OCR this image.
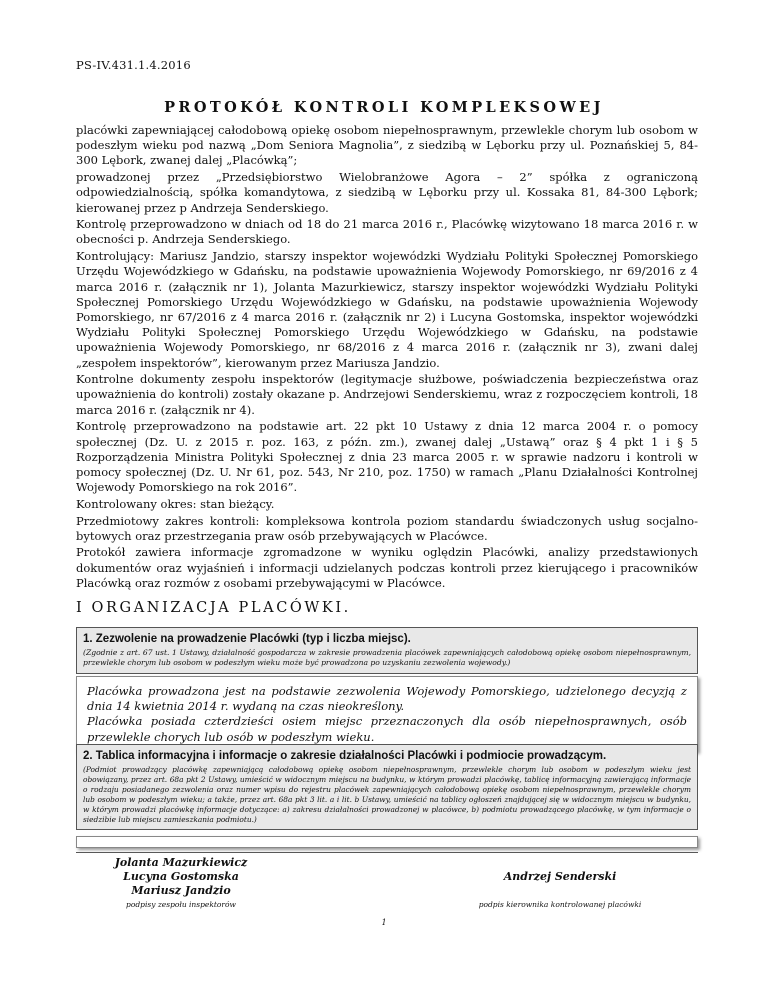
PS-IV.431.1.4.2016
PROTOKÓŁ KONTROLI KOMPLEKSOWEJ

placówki zapewniającej całodobową opiekę osobom niepełnosprawnym, przewlekle chorym lub osobom w podeszłym wieku pod nazwą „Dom Seniora Magnolia”, z siedzibą w Lęborku przy ul. Poznańskiej 5, 84-300 Lębork, zwanej dalej „Placówką”;

prowadzonej przez „Przedsiębiorstwo Wielobranżowe Agora – 2” spółka z ograniczoną odpowiedzialnością, spółka komandytowa, z siedzibą w Lęborku przy ul. Kossaka 81, 84-300 Lębork; kierowanej przez p Andrzeja Senderskiego.

Kontrolę przeprowadzono w dniach od 18 do 21 marca 2016 r., Placówkę wizytowano 18 marca 2016 r. w obecności p. Andrzeja Senderskiego.

Kontrolujący: Mariusz Jandzio, starszy inspektor wojewódzki Wydziału Polityki Społecznej Pomorskiego Urzędu Wojewódzkiego w Gdańsku, na podstawie upoważnienia Wojewody Pomorskiego, nr 69/2016 z 4 marca 2016 r. (załącznik nr 1), Jolanta Mazurkiewicz, starszy inspektor wojewódzki Wydziału Polityki Społecznej Pomorskiego Urzędu Wojewódzkiego w Gdańsku, na podstawie upoważnienia Wojewody Pomorskiego, nr 67/2016 z 4 marca 2016 r. (załącznik nr 2) i Lucyna Gostomska, inspektor wojewódzki Wydziału Polityki Społecznej Pomorskiego Urzędu Wojewódzkiego w Gdańsku, na podstawie upoważnienia Wojewody Pomorskiego, nr 68/2016 z 4 marca 2016 r. (załącznik nr 3), zwani dalej „zespołem inspektorów”, kierowanym przez Mariusza Jandzio.

Kontrolne dokumenty zespołu inspektorów (legitymacje służbowe, poświadczenia bezpieczeństwa oraz upoważnienia do kontroli) zostały okazane p. Andrzejowi Senderskiemu, wraz z rozpoczęciem kontroli, 18 marca 2016 r. (załącznik nr 4).

Kontrolę przeprowadzono na podstawie art. 22 pkt 10 Ustawy z dnia 12 marca 2004 r. o pomocy społecznej (Dz. U. z 2015 r. poz. 163, z późn. zm.), zwanej dalej „Ustawą” oraz § 4 pkt 1 i § 5 Rozporządzenia Ministra Polityki Społecznej z dnia 23 marca 2005 r. w sprawie nadzoru i kontroli w pomocy społecznej (Dz. U. Nr 61, poz. 543, Nr 210, poz. 1750) w ramach „Planu Działalności Kontrolnej Wojewody Pomorskiego na rok 2016”.

Kontrolowany okres: stan bieżący.

Przedmiotowy zakres kontroli: kompleksowa kontrola poziom standardu świadczonych usług socjalno-bytowych oraz przestrzegania praw osób przebywających w Placówce.

Protokół zawiera informacje zgromadzone w wyniku oględzin Placówki, analizy przedstawionych dokumentów oraz wyjaśnień i informacji udzielanych podczas kontroli przez kierującego i pracowników Placówką oraz rozmów z osobami przebywającymi w Placówce.

I ORGANIZACJA PLACÓWKI.
1. Zezwolenie na prowadzenie Placówki (typ i liczba miejsc).
(Zgodnie z art. 67 ust. 1 Ustawy, działalność gospodarcza w zakresie prowadzenia placówek zapewniających całodobową opiekę osobom niepełnosprawnym, przewlekle chorym lub osobom w podeszłym wieku może być prowadzona po uzyskaniu zezwolenia wojewody.)
Placówka prowadzona jest na podstawie zezwolenia Wojewody Pomorskiego, udzielonego decyzją z dnia 14 kwietnia 2014 r. wydaną na czas nieokreślony.
Placówka posiada czterdzieści osiem miejsc przeznaczonych dla osób niepełnosprawnych, osób przewlekle chorych lub osób w podeszłym wieku.
2. Tablica informacyjna i informacje o zakresie działalności Placówki i podmiocie prowadzącym.
(Podmiot prowadzący placówkę zapewniającą całodobową opiekę osobom niepełnosprawnym, przewlekle chorym lub osobom w podeszłym wieku jest obowiązany, przez art. 68a pkt 2 Ustawy, umieścić w widocznym miejscu na budynku, w którym prowadzi placówkę, tablicę informacyjną zawierającą informacje o rodzaju posiadanego zezwolenia oraz numer wpisu do rejestru placówek zapewniających całodobową opiekę osobom niepełnosprawnym, przewlekle chorym lub osobom w podeszłym wieku; a także, przez art. 68a pkt 3 lit. a i lit. b Ustawy, umieścić na tablicy ogłoszeń znajdującej się w widocznym miejscu w budynku, w którym prowadzi placówkę informacje dotyczące: a) zakresu działalności prowadzonej w placówce, b) podmiotu prowadzącego placówkę, w tym informacje o siedzibie lub miejscu zamieszkania podmiotu.)
Jolanta Mazurkiewicz
Lucyna Gostomska
Mariusz Jandzio
podpisy zespołu inspektorów
Andrzej Senderski
podpis kierownika kontrolowanej placówki
1
